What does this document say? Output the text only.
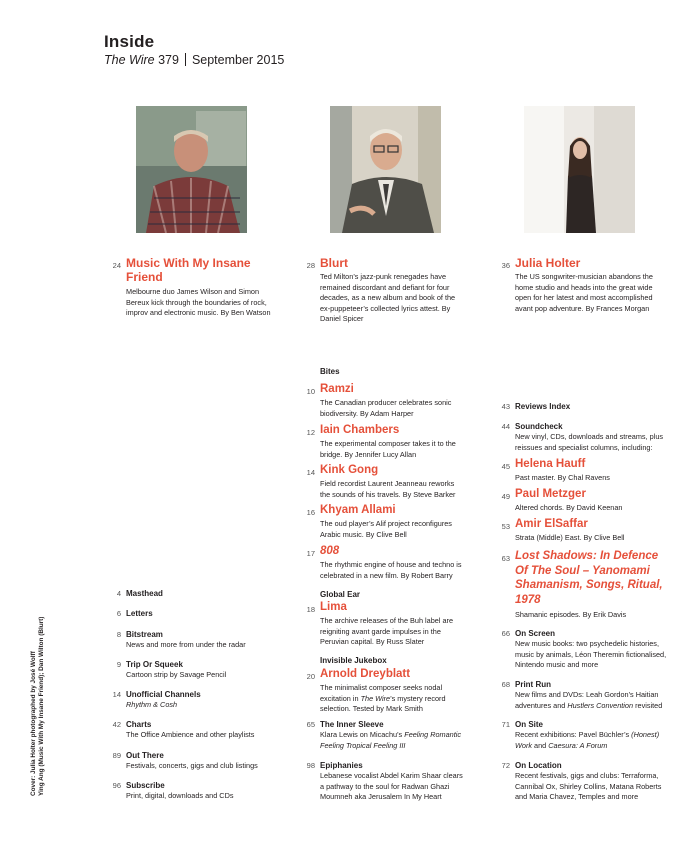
Inside
The Wire 379 September 2015
24 Music With My Insane
Friend
Melbourne duo James Wilson and Simon
Bereux kick through the boundaries of rock,
improv and electronic music. By Ben Watson
28 Blurt
Ted Milton’s jazz-punk renegades have
remained discordant and defiant for four
decades, as a new album and book of the
ex-puppeteer’s collected lyrics attest. By
Daniel Spicer
36 Julia Holter
The US songwriter-musician abandons the
home studio and heads into the great wide
open for her latest and most accomplished
avant pop adventure. By Frances Morgan
4 Masthead
6 Letters
8 Bitstream
News and more from under the radar
9 Trip Or Squeek
Cartoon strip by Savage Pencil
14 Unofficial Channels
Rhythm & Cosh
42 Charts
The Office Ambience and other playlists
89 Out There
Festivals, concerts, gigs and club listings
96 Subscribe
Print, digital, downloads and CDs
Bites
10 Ramzi
The Canadian producer celebrates sonic
biodiversity. By Adam Harper
12 Iain Chambers
The experimental composer takes it to the
bridge. By Jennifer Lucy Allan
14 Kink Gong
Field recordist Laurent Jeanneau reworks
the sounds of his travels. By Steve Barker
16 Khyam Allami
The oud player’s Alif project reconfigures
Arabic music. By Clive Bell
17 808
The rhythmic engine of house and techno is
celebrated in a new film. By Robert Barry
Global Ear
18 Lima
The archive releases of the Buh label are
reigniting avant garde impulses in the
Peruvian capital. By Russ Slater
Invisible Jukebox
20 Arnold Dreyblatt
The minimalist composer seeks nodal
excitation in The Wire’s mystery record
selection. Tested by Mark Smith
65 The Inner Sleeve
Klara Lewis on Micachu’s Feeling Romantic
Feeling Tropical Feeling III
98 Epiphanies
Lebanese vocalist Abdel Karim Shaar clears
a pathway to the soul for Radwan Ghazi
Moumneh aka Jerusalem In My Heart
43 Reviews Index
44 Soundcheck
New vinyl, CDs, downloads and streams, plus
reissues and specialist columns, including:
45 Helena Hauff
Past master. By Chal Ravens
49 Paul Metzger
Altered chords. By David Keenan
53 Amir ElSaffar
Strata (Middle) East. By Clive Bell
63 Lost Shadows: In Defence
Of The Soul – Yanomami
Shamanism, Songs, Ritual,
1978
Shamanic episodes. By Erik Davis
66 On Screen
New music books: two psychedelic histories,
music by animals, Léon Theremin fictionalised,
Nintendo music and more
68 Print Run
New films and DVDs: Leah Gordon’s Haitian
adventures and Hustlers Convention revisited
71 On Site
Recent exhibitions: Pavel Büchler’s (Honest)
Work and Caesura: A Forum
72 On Location
Recent festivals, gigs and clubs: Terraforma,
Cannibal Ox, Shirley Collins, Matana Roberts
and Maria Chavez, Temples and more
Cover: Julia Holter photographed by José Wolff Ying Ang (Music With My Insane Friend); Dan Wilton (Blurt)
